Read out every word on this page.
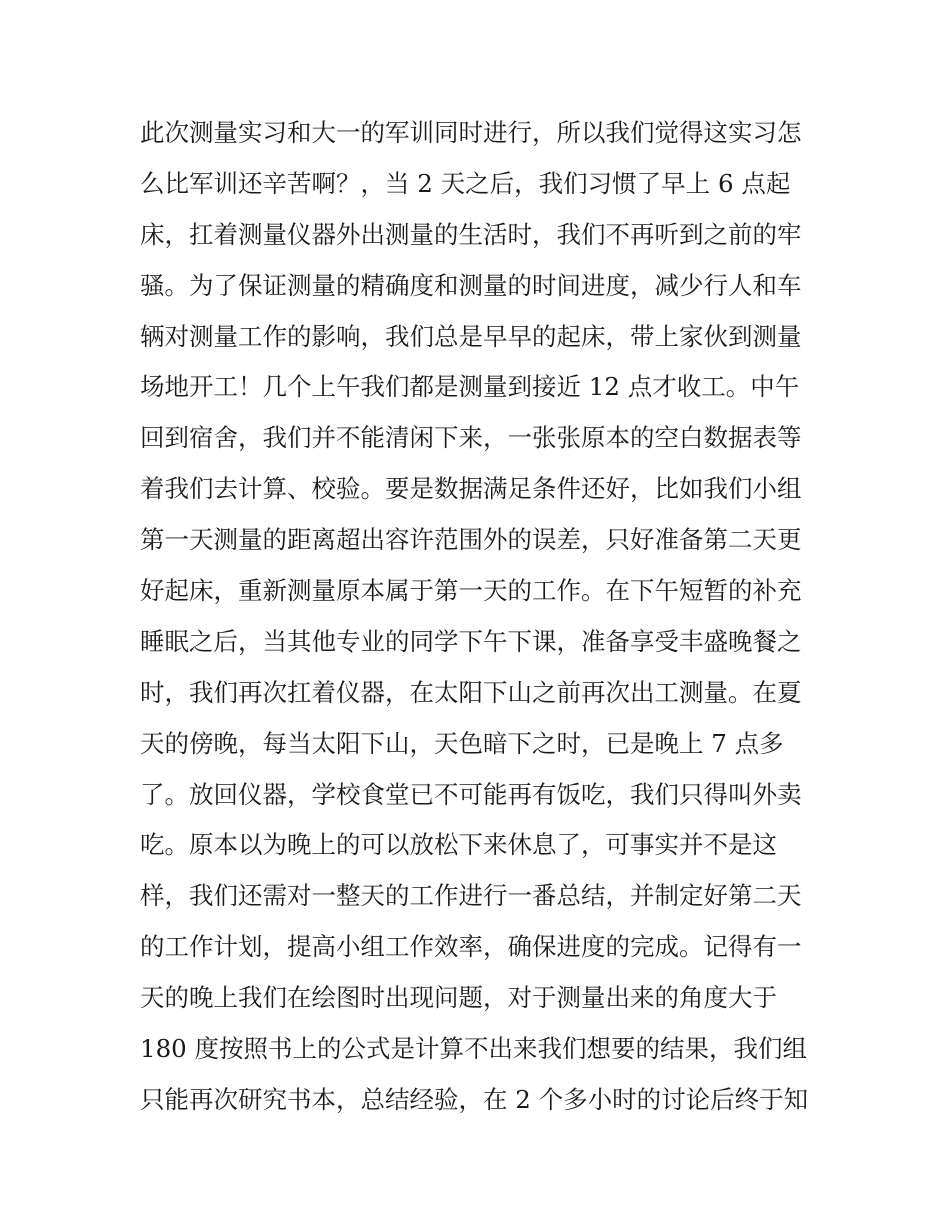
此次测量实习和大一的军训同时进行，所以我们觉得这实习怎
么比军训还辛苦啊？，当 2 天之后，我们习惯了早上 6 点起
床，扛着测量仪器外出测量的生活时，我们不再听到之前的牢
骚。为了保证测量的精确度和测量的时间进度，减少行人和车
辆对测量工作的影响，我们总是早早的起床，带上家伙到测量
场地开工！几个上午我们都是测量到接近 12 点才收工。中午
回到宿舍，我们并不能清闲下来，一张张原本的空白数据表等
着我们去计算、校验。要是数据满足条件还好，比如我们小组
第一天测量的距离超出容许范围外的误差，只好准备第二天更
好起床，重新测量原本属于第一天的工作。在下午短暂的补充
睡眠之后，当其他专业的同学下午下课，准备享受丰盛晚餐之
时，我们再次扛着仪器，在太阳下山之前再次出工测量。在夏
天的傍晚，每当太阳下山，天色暗下之时，已是晚上 7 点多
了。放回仪器，学校食堂已不可能再有饭吃，我们只得叫外卖
吃。原本以为晚上的可以放松下来休息了，可事实并不是这
样，我们还需对一整天的工作进行一番总结，并制定好第二天
的工作计划，提高小组工作效率，确保进度的完成。记得有一
天的晚上我们在绘图时出现问题，对于测量出来的角度大于
180 度按照书上的公式是计算不出来我们想要的结果，我们组
只能再次研究书本，总结经验，在 2 个多小时的讨论后终于知
